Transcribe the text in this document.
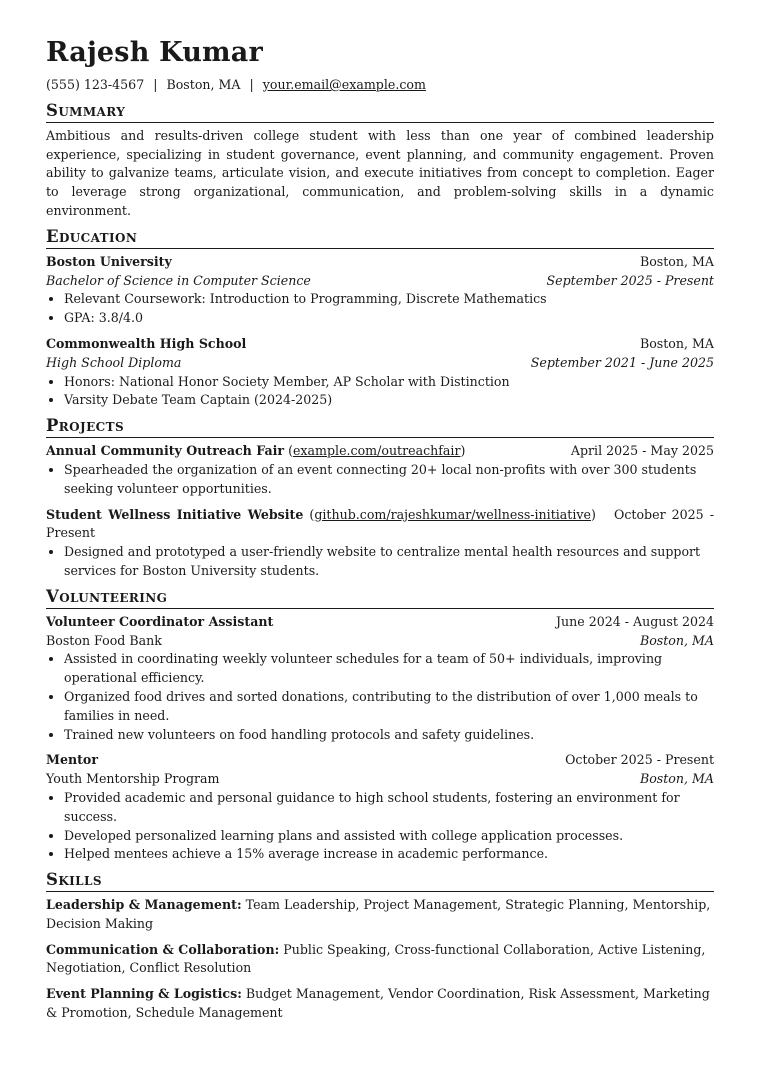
Rajesh Kumar
(555) 123-4567 | Boston, MA | your.email@example.com
Summary
Ambitious and results-driven college student with less than one year of combined leadership experience, specializing in student governance, event planning, and community engagement. Proven ability to galvanize teams, articulate vision, and execute initiatives from concept to completion. Eager to leverage strong organizational, communication, and problem-solving skills in a dynamic environment.
Education
Boston University	Boston, MA
Bachelor of Science in Computer Science	September 2025 - Present
• Relevant Coursework: Introduction to Programming, Discrete Mathematics
• GPA: 3.8/4.0
Commonwealth High School	Boston, MA
High School Diploma	September 2021 - June 2025
• Honors: National Honor Society Member, AP Scholar with Distinction
• Varsity Debate Team Captain (2024-2025)
Projects
Annual Community Outreach Fair (example.com/outreachfair)	April 2025 - May 2025
• Spearheaded the organization of an event connecting 20+ local non-profits with over 300 students seeking volunteer opportunities.
Student Wellness Initiative Website (github.com/rajeshkumar/wellness-initiative)   October 2025 - Present
• Designed and prototyped a user-friendly website to centralize mental health resources and support services for Boston University students.
Volunteering
Volunteer Coordinator Assistant	June 2024 - August 2024
Boston Food Bank	Boston, MA
• Assisted in coordinating weekly volunteer schedules for a team of 50+ individuals, improving operational efficiency.
• Organized food drives and sorted donations, contributing to the distribution of over 1,000 meals to families in need.
• Trained new volunteers on food handling protocols and safety guidelines.
Mentor	October 2025 - Present
Youth Mentorship Program	Boston, MA
• Provided academic and personal guidance to high school students, fostering an environment for success.
• Developed personalized learning plans and assisted with college application processes.
• Helped mentees achieve a 15% average increase in academic performance.
Skills
Leadership & Management: Team Leadership, Project Management, Strategic Planning, Mentorship, Decision Making
Communication & Collaboration: Public Speaking, Cross-functional Collaboration, Active Listening, Negotiation, Conflict Resolution
Event Planning & Logistics: Budget Management, Vendor Coordination, Risk Assessment, Marketing & Promotion, Schedule Management
